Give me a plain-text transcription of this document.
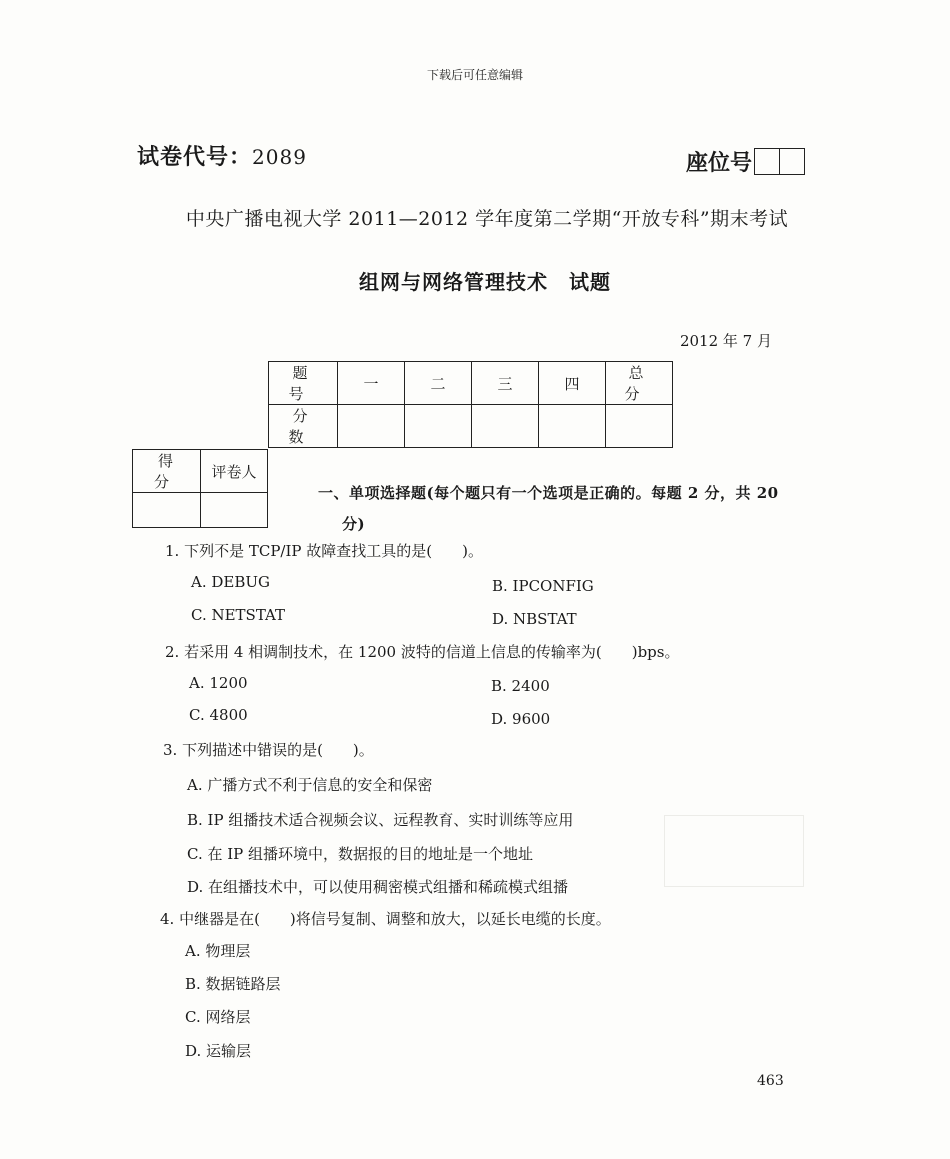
下载后可任意编辑
试卷代号：2089	座位号
中央广播电视大学 2011—2012 学年度第二学期“开放专科”期末考试
组网与网络管理技术　试题
2012 年 7 月
题　号	一	二	三	四	总　分
分　数					
得　分	评卷人

一、单项选择题(每个题只有一个选项是正确的。每题 2 分，共 20
分)
1. 下列不是 TCP/IP 故障查找工具的是(　　)。
A. DEBUG	B. IPCONFIG
C. NETSTAT	D. NBSTAT
2. 若采用 4 相调制技术，在 1200 波特的信道上信息的传输率为(　　)bps。
A. 1200	B. 2400
C. 4800	D. 9600
3. 下列描述中错误的是(　　)。
A. 广播方式不利于信息的安全和保密
B. IP 组播技术适合视频会议、远程教育、实时训练等应用
C. 在 IP 组播环境中，数据报的目的地址是一个地址
D. 在组播技术中，可以使用稠密模式组播和稀疏模式组播
4. 中继器是在(　　)将信号复制、调整和放大，以延长电缆的长度。
A. 物理层
B. 数据链路层
C. 网络层
D. 运输层
463
